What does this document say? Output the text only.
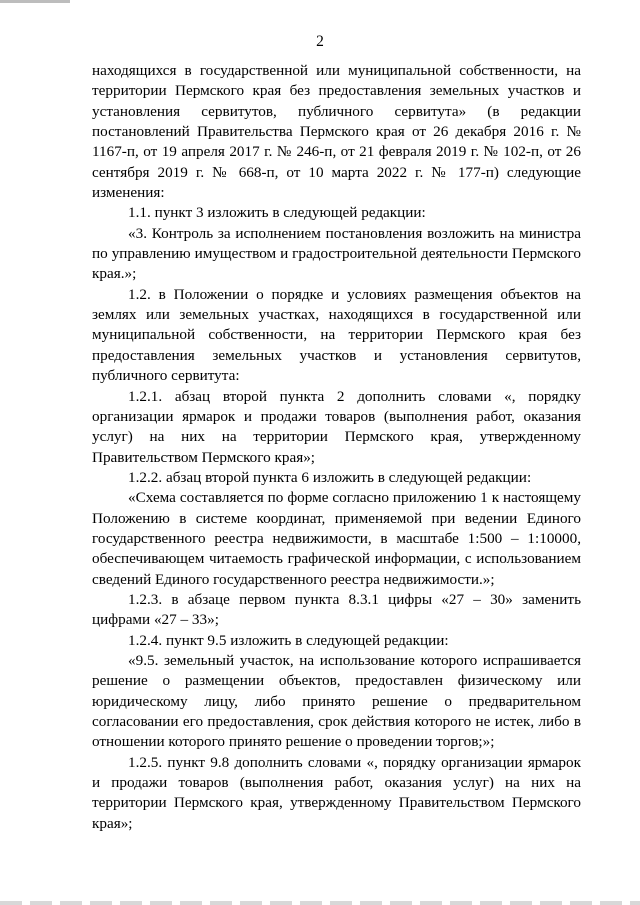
2

находящихся в государственной или муниципальной собственности, на территории Пермского края без предоставления земельных участков и установления сервитутов, публичного сервитута» (в редакции постановлений Правительства Пермского края от 26 декабря 2016 г. № 1167-п, от 19 апреля 2017 г. № 246-п, от 21 февраля 2019 г. № 102-п, от 26 сентября 2019 г. № 668-п, от 10 марта 2022 г. № 177-п) следующие изменения:

1.1. пункт 3 изложить в следующей редакции:

«3. Контроль за исполнением постановления возложить на министра по управлению имуществом и градостроительной деятельности Пермского края.»;

1.2. в Положении о порядке и условиях размещения объектов на землях или земельных участках, находящихся в государственной или муниципальной собственности, на территории Пермского края без предоставления земельных участков и установления сервитутов, публичного сервитута:

1.2.1. абзац второй пункта 2 дополнить словами «, порядку организации ярмарок и продажи товаров (выполнения работ, оказания услуг) на них на территории Пермского края, утвержденному Правительством Пермского края»;

1.2.2. абзац второй пункта 6 изложить в следующей редакции:

«Схема составляется по форме согласно приложению 1 к настоящему Положению в системе координат, применяемой при ведении Единого государственного реестра недвижимости, в масштабе 1:500 – 1:10000, обеспечивающем читаемость графической информации, с использованием сведений Единого государственного реестра недвижимости.»;

1.2.3. в абзаце первом пункта 8.3.1 цифры «27 – 30» заменить цифрами «27 – 33»;

1.2.4. пункт 9.5 изложить в следующей редакции:

«9.5. земельный участок, на использование которого испрашивается решение о размещении объектов, предоставлен физическому или юридическому лицу, либо принято решение о предварительном согласовании его предоставления, срок действия которого не истек, либо в отношении которого принято решение о проведении торгов;»;

1.2.5. пункт 9.8 дополнить словами «, порядку организации ярмарок и продажи товаров (выполнения работ, оказания услуг) на них на территории Пермского края, утвержденному Правительством Пермского края»;
